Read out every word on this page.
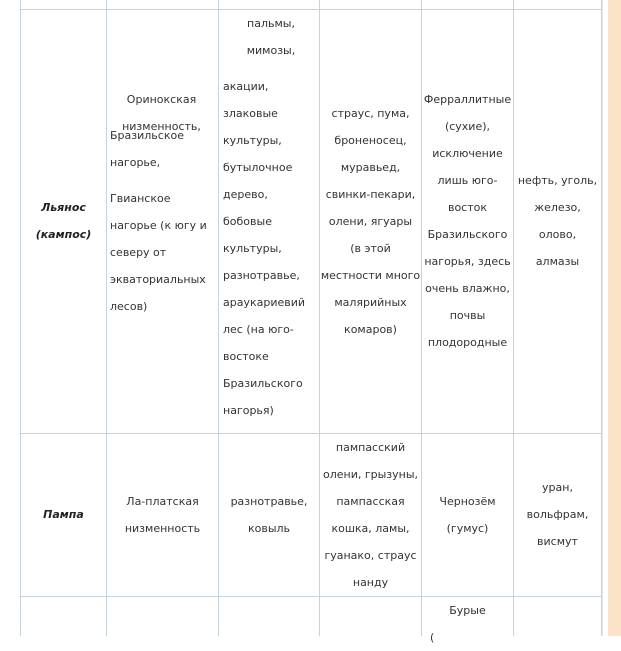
Льянос
(кампос)
Оринокская
низменность,
Бразильское
нагорье,
Гвианское
нагорье (к югу и
северу от
экваториальных
лесов)
пальмы,
мимозы,
акации,
злаковые
культуры,
бутылочное
дерево,
бобовые
культуры,
разнотравье,
араукариевий
лес (на юго-
востоке
Бразильского
нагорья)
страус, пума,
броненосец,
муравьед,
свинки-пекари,
олени, ягуары
(в этой
местности много
малярийных
комаров)
Ферраллитные
(сухие),
исключение
лишь юго-
восток
Бразильского
нагорья, здесь
очень влажно,
почвы
плодородные
нефть, уголь,
железо,
олово,
алмазы
Пампа
Ла-платская
низменность
разнотравье,
ковыль
пампасский
олени, грызуны,
пампасская
кошка, ламы,
гуанако, страус
нанду
Чернозём
(гумус)
уран,
вольфрам,
висмут
Бурые
(
